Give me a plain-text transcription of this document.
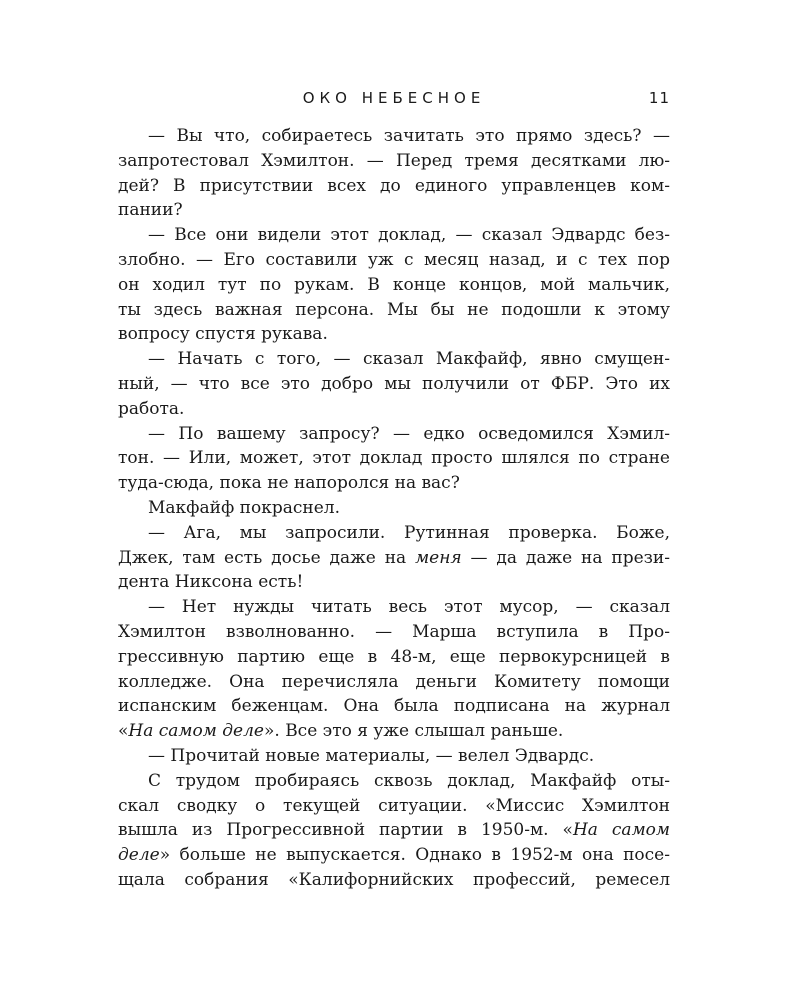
ОКО НЕБЕСНОЕ	11
— Вы что, собираетесь зачитать это прямо здесь? —
запротестовал Хэмилтон. — Перед тремя десятками лю-
дей? В присутствии всех до единого управленцев ком-
пании?
— Все они видели этот доклад, — сказал Эдвардс без-
злобно. — Его составили уж с месяц назад, и с тех пор
он ходил тут по рукам. В конце концов, мой мальчик,
ты здесь важная персона. Мы бы не подошли к этому
вопросу спустя рукава.
— Начать с того, — сказал Макфайф, явно смущен-
ный, — что все это добро мы получили от ФБР. Это их
работа.
— По вашему запросу? — едко осведомился Хэмил-
тон. — Или, может, этот доклад просто шлялся по стране
туда-сюда, пока не напоролся на вас?
Макфайф покраснел.
— Ага, мы запросили. Рутинная проверка. Боже,
Джек, там есть досье даже на меня — да даже на прези-
дента Никсона есть!
— Нет нужды читать весь этот мусор, — сказал
Хэмилтон взволнованно. — Марша вступила в Про-
грессивную партию еще в 48-м, еще первокурсницей в
колледже. Она перечисляла деньги Комитету помощи
испанским беженцам. Она была подписана на журнал
«На самом деле». Все это я уже слышал раньше.
— Прочитай новые материалы, — велел Эдвардс.
С трудом пробираясь сквозь доклад, Макфайф оты-
скал сводку о текущей ситуации. «Миссис Хэмилтон
вышла из Прогрессивной партии в 1950-м. «На самом
деле» больше не выпускается. Однако в 1952-м она посе-
щала собрания «Калифорнийских профессий, ремесел
